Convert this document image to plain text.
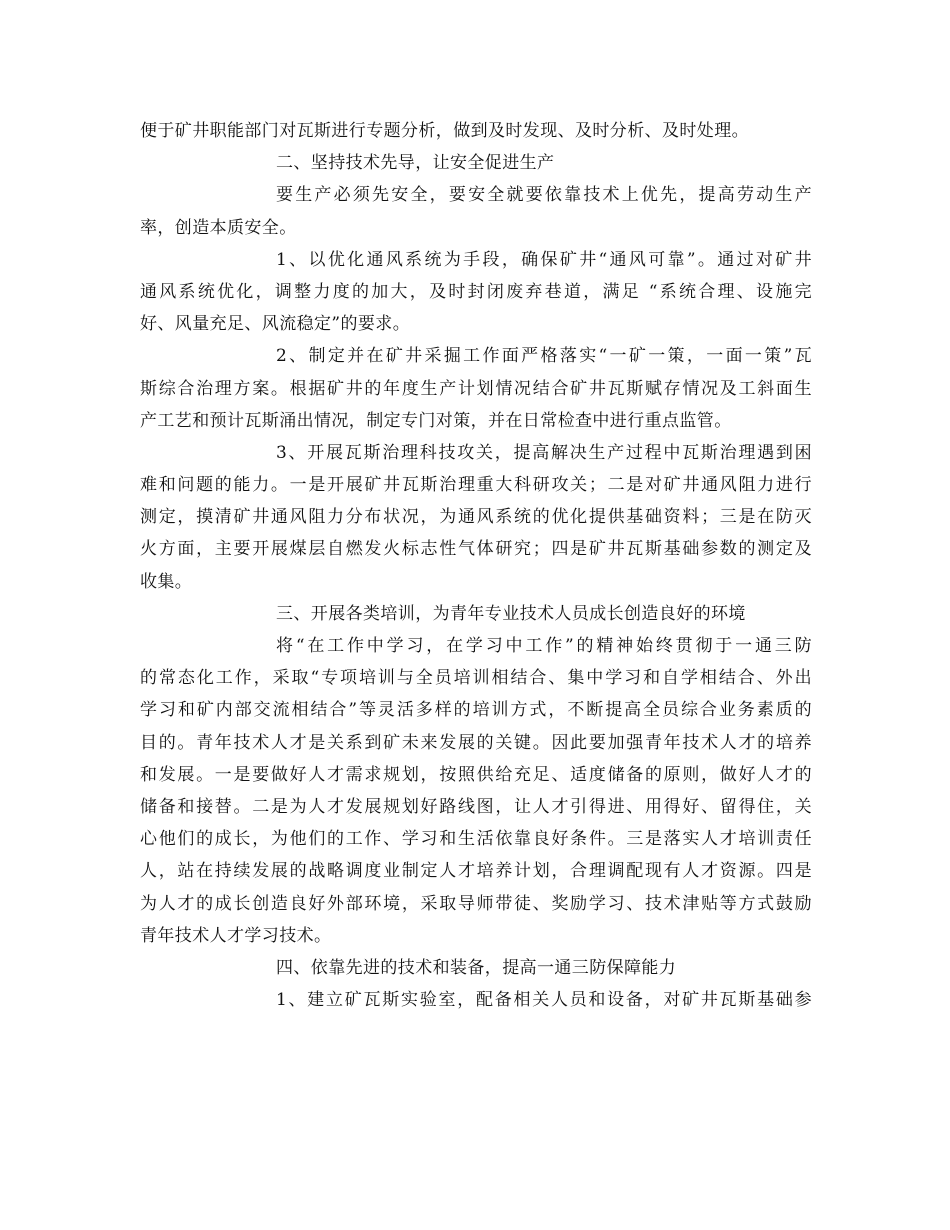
便于矿井职能部门对瓦斯进行专题分析，做到及时发现、及时分析、及时处理。
二、坚持技术先导，让安全促进生产
要生产必须先安全，要安全就要依靠技术上优先，提高劳动生产
率，创造本质安全。
1、以优化通风系统为手段，确保矿井“通风可靠”。通过对矿井
通风系统优化，调整力度的加大，及时封闭废弃巷道，满足 “系统合理、设施完
好、风量充足、风流稳定”的要求。
2、制定并在矿井采掘工作面严格落实“一矿一策，一面一策”瓦
斯综合治理方案。根据矿井的年度生产计划情况结合矿井瓦斯赋存情况及工斜面生
产工艺和预计瓦斯涌出情况，制定专门对策，并在日常检查中进行重点监管。
3、开展瓦斯治理科技攻关，提高解决生产过程中瓦斯治理遇到困
难和问题的能力。一是开展矿井瓦斯治理重大科研攻关；二是对矿井通风阻力进行
测定，摸清矿井通风阻力分布状况，为通风系统的优化提供基础资料；三是在防灭
火方面，主要开展煤层自燃发火标志性气体研究；四是矿井瓦斯基础参数的测定及
收集。
三、开展各类培训，为青年专业技术人员成长创造良好的环境
将“在工作中学习，在学习中工作”的精神始终贯彻于一通三防
的常态化工作，采取“专项培训与全员培训相结合、集中学习和自学相结合、外出
学习和矿内部交流相结合”等灵活多样的培训方式，不断提高全员综合业务素质的
目的。青年技术人才是关系到矿未来发展的关键。因此要加强青年技术人才的培养
和发展。一是要做好人才需求规划，按照供给充足、适度储备的原则，做好人才的
储备和接替。二是为人才发展规划好路线图，让人才引得进、用得好、留得住，关
心他们的成长，为他们的工作、学习和生活依靠良好条件。三是落实人才培训责任
人，站在持续发展的战略调度业制定人才培养计划，合理调配现有人才资源。四是
为人才的成长创造良好外部环境，采取导师带徒、奖励学习、技术津贴等方式鼓励
青年技术人才学习技术。
四、依靠先进的技术和装备，提高一通三防保障能力
1、建立矿瓦斯实验室，配备相关人员和设备，对矿井瓦斯基础参
